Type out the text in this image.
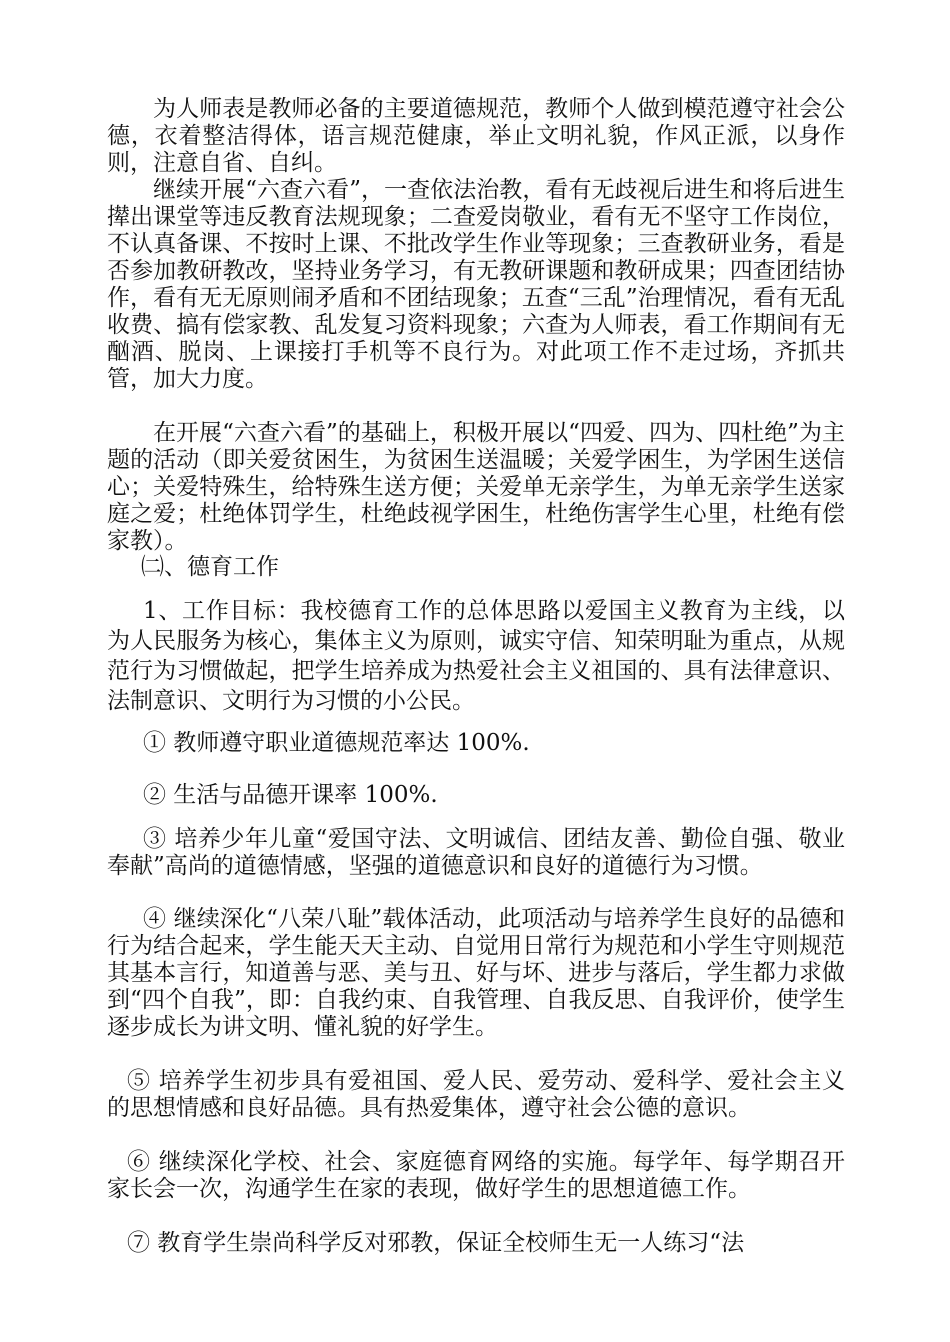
为人师表是教师必备的主要道德规范，教师个人做到模范遵守社会公德，衣着整洁得体，语言规范健康，举止文明礼貌，作风正派，以身作则，注意自省、自纠。

继续开展“六查六看”，一查依法治教，看有无歧视后进生和将后进生撵出课堂等违反教育法规现象；二查爱岗敬业，看有无不坚守工作岗位，不认真备课、不按时上课、不批改学生作业等现象；三查教研业务，看是否参加教研教改，坚持业务学习，有无教研课题和教研成果；四查团结协作，看有无无原则闹矛盾和不团结现象；五查“三乱”治理情况，看有无乱收费、搞有偿家教、乱发复习资料现象；六查为人师表，看工作期间有无酗酒、脱岗、上课接打手机等不良行为。对此项工作不走过场，齐抓共管，加大力度。

在开展“六查六看”的基础上，积极开展以“四爱、四为、四杜绝”为主题的活动（即关爱贫困生，为贫困生送温暖；关爱学困生，为学困生送信心；关爱特殊生，给特殊生送方便；关爱单无亲学生，为单无亲学生送家庭之爱；杜绝体罚学生，杜绝歧视学困生，杜绝伤害学生心里，杜绝有偿家教）。

㈡、德育工作

1、工作目标：我校德育工作的总体思路以爱国主义教育为主线，以为人民服务为核心，集体主义为原则，诚实守信、知荣明耻为重点，从规范行为习惯做起，把学生培养成为热爱社会主义祖国的、具有法律意识、法制意识、文明行为习惯的小公民。

① 教师遵守职业道德规范率达 100%.

② 生活与品德开课率 100%.

③ 培养少年儿童“爱国守法、文明诚信、团结友善、勤俭自强、敬业奉献”高尚的道德情感，坚强的道德意识和良好的道德行为习惯。

④ 继续深化“八荣八耻”载体活动，此项活动与培养学生良好的品德和行为结合起来，学生能天天主动、自觉用日常行为规范和小学生守则规范其基本言行，知道善与恶、美与丑、好与坏、进步与落后，学生都力求做到“四个自我”，即：自我约束、自我管理、自我反思、自我评价，使学生逐步成长为讲文明、懂礼貌的好学生。

⑤ 培养学生初步具有爱祖国、爱人民、爱劳动、爱科学、爱社会主义的思想情感和良好品德。具有热爱集体，遵守社会公德的意识。

⑥ 继续深化学校、社会、家庭德育网络的实施。每学年、每学期召开家长会一次，沟通学生在家的表现，做好学生的思想道德工作。

⑦ 教育学生崇尚科学反对邪教，保证全校师生无一人练习“法
